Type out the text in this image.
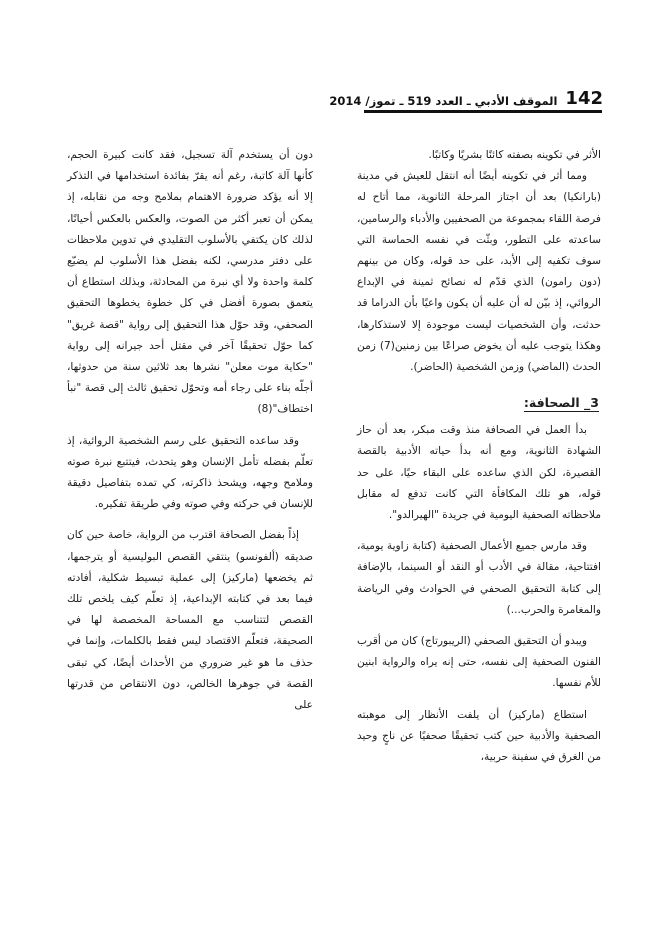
142
الموقف الأدبي ـ العدد 519 ـ تموز/ 2014

الأثر في تكوينه بصفته كائنًا بشريًا وكاتبًا.

ومما أثر في تكوينه أيضًا أنه انتقل للعيش في مدينة (بارانكيا) بعد أن اجتاز المرحلة الثانوية، مما أتاح له فرصة اللقاء بمجموعة من الصحفيين والأدباء والرسامين، ساعدته على التطور، وبثّت في نفسه الحماسة التي سوف تكفيه إلى الأبد، على حد قوله، وكان من بينهم (دون رامون) الذي قدّم له نصائح ثمينة في الإبداع الروائي، إذ بيّن له أن عليه أن يكون واعيًا بأن الدراما قد حدثت، وأن الشخصيات ليست موجودة إلا لاستذكارها، وهكذا يتوجب عليه أن يخوض صراعًا بين زمنين(7) زمن الحدث (الماضي) وزمن الشخصية (الحاضر).

3_ الصحافة:

بدأ العمل في الصحافة منذ وقت مبكر، بعد أن حاز الشهادة الثانوية، ومع أنه بدأ حياته الأدبية بالقصة القصيرة، لكن الذي ساعده على البقاء حيًا، على حد قوله، هو تلك المكافأة التي كانت تدفع له مقابل ملاحظاته الصحفية اليومية في جريدة "الهيرالدو".

وقد مارس جميع الأعمال الصحفية (كتابة زاوية يومية، افتتاحية، مقالة في الأدب أو النقد أو السينما، بالإضافة إلى كتابة التحقيق الصحفي في الحوادث وفي الرياضة والمغامرة والحرب...)

ويبدو أن التحقيق الصحفي (الريبورتاج) كان من أقرب الفنون الصحفية إلى نفسه، حتى إنه يراه والرواية ابنين للأم نفسها.

استطاع (ماركيز) أن يلفت الأنظار إلى موهبته الصحفية والأدبية حين كتب تحقيقًا صحفيًا عن ناجٍ وحيد من الغرق في سفينة حربية،

دون أن يستخدم آلة تسجيل، فقد كانت كبيرة الحجم، كأنها آلة كاتبة، رغم أنه يقرّ بفائدة استخدامها في التذكر إلا أنه يؤكد ضرورة الاهتمام بملامح وجه من نقابله، إذ يمكن أن تعبر أكثر من الصوت، والعكس بالعكس أحيانًا، لذلك كان يكتفي بالأسلوب التقليدي في تدوين ملاحظات على دفتر مدرسي، لكنه بفضل هذا الأسلوب لم يضيّع كلمة واحدة ولا أي نبرة من المحادثة، وبذلك استطاع أن يتعمق بصورة أفضل في كل خطوة يخطوها التحقيق الصحفي، وقد حوّل هذا التحقيق إلى رواية "قصة غريق" كما حوّل تحقيقًا آخر في مقتل أحد جيرانه إلى رواية "حكاية موت معلن" نشرها بعد ثلاثين سنة من حدوثها، أجلّه بناء على رجاء أمه وتحوّل تحقيق ثالث إلى قصة "نبأ اختطاف"(8)

وقد ساعده التحقيق على رسم الشخصية الروائية، إذ تعلّم بفضله تأمل الإنسان وهو يتحدث، فيتتبع نبرة صوته وملامح وجهه، ويشحذ ذاكرته، كي تمده بتفاصيل دقيقة للإنسان في حركته وفي صوته وفي طريقة تفكيره.

إذاً بفضل الصحافة اقترب من الرواية، خاصة حين كان صديقه (ألفونسو) ينتقي القصص البوليسية أو يترجمها، ثم يخضعها (ماركيز) إلى عملية تبسيط شكلية، أفادته فيما بعد في كتابته الإبداعية، إذ تعلّم كيف يلخص تلك القصص لتتناسب مع المساحة المخصصة لها في الصحيفة، فتعلّم الاقتصاد ليس فقط بالكلمات، وإنما في حذف ما هو غير ضروري من الأحداث أيضًا، كي تبقى القصة في جوهرها الخالص، دون الانتقاص من قدرتها على
